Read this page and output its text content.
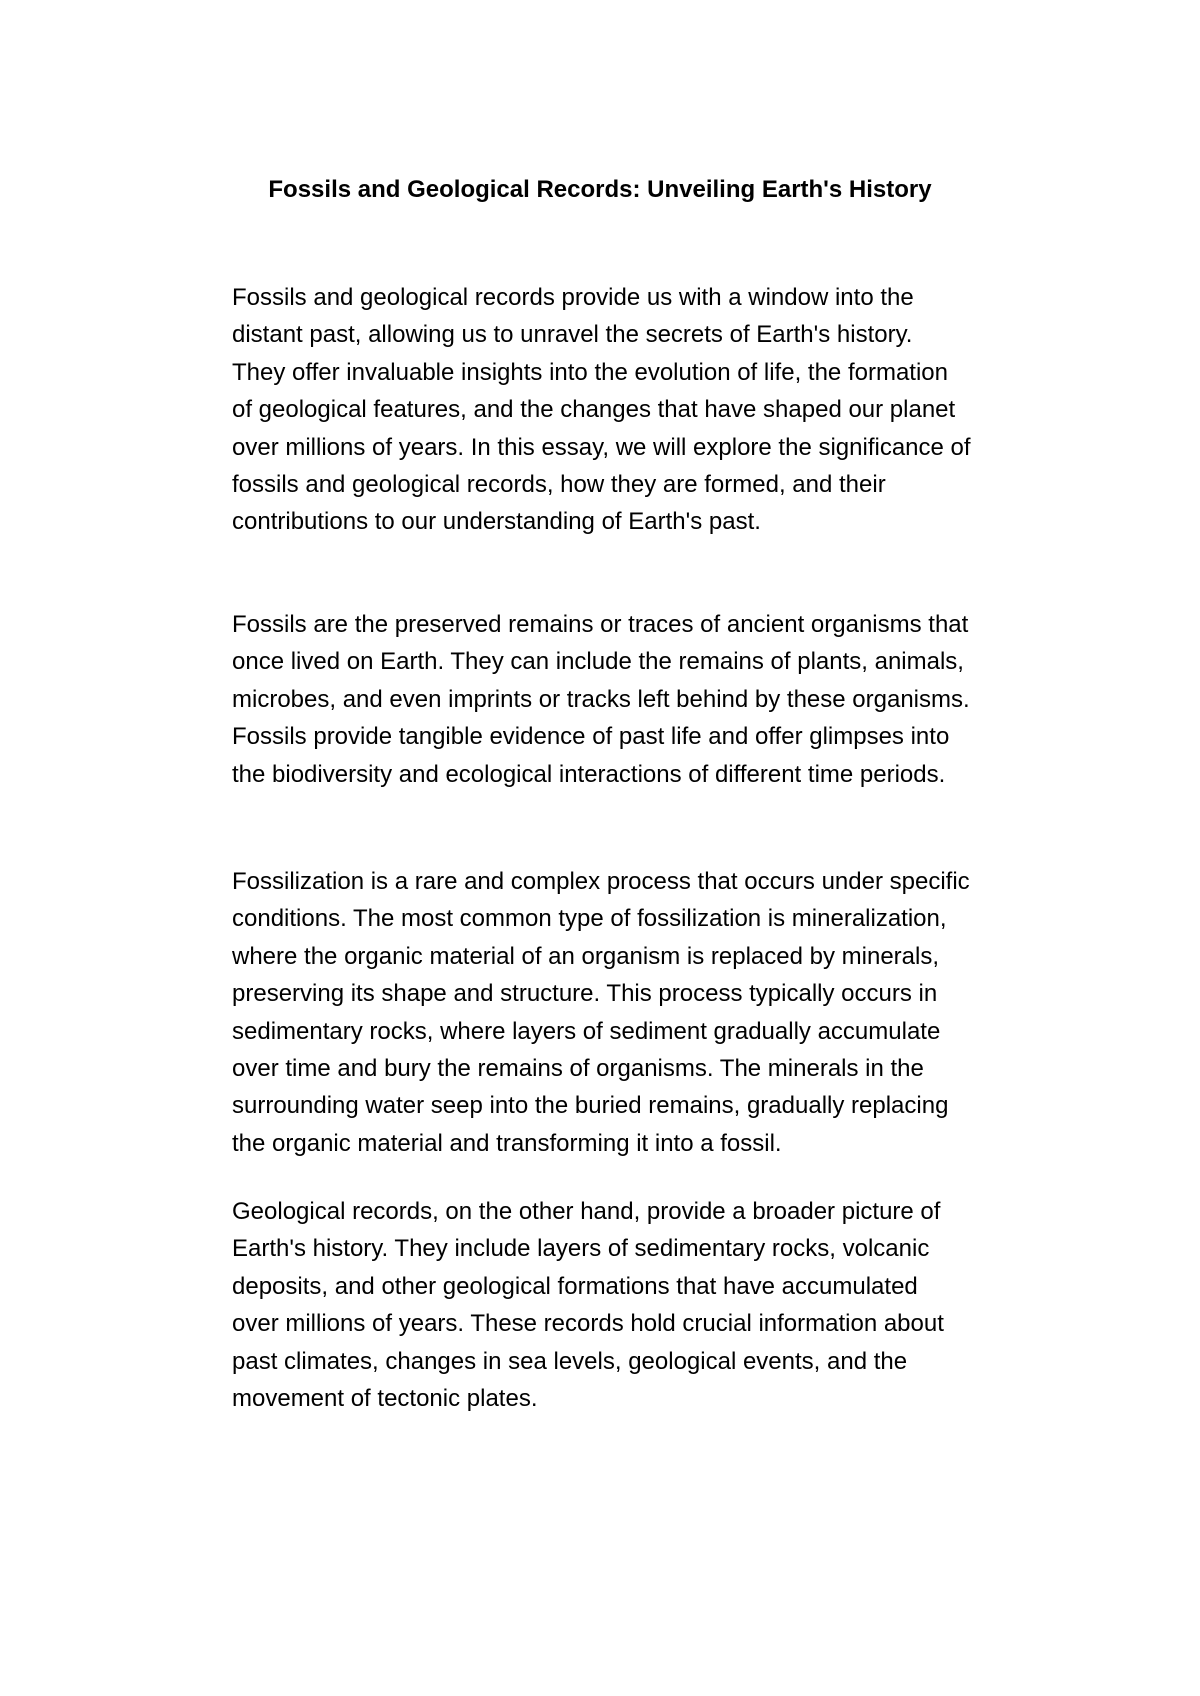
Fossils and Geological Records: Unveiling Earth's History

Fossils and geological records provide us with a window into the
distant past, allowing us to unravel the secrets of Earth's history.
They offer invaluable insights into the evolution of life, the formation
of geological features, and the changes that have shaped our planet
over millions of years. In this essay, we will explore the significance of
fossils and geological records, how they are formed, and their
contributions to our understanding of Earth's past.

Fossils are the preserved remains or traces of ancient organisms that
once lived on Earth. They can include the remains of plants, animals,
microbes, and even imprints or tracks left behind by these organisms.
Fossils provide tangible evidence of past life and offer glimpses into
the biodiversity and ecological interactions of different time periods.

Fossilization is a rare and complex process that occurs under specific
conditions. The most common type of fossilization is mineralization,
where the organic material of an organism is replaced by minerals,
preserving its shape and structure. This process typically occurs in
sedimentary rocks, where layers of sediment gradually accumulate
over time and bury the remains of organisms. The minerals in the
surrounding water seep into the buried remains, gradually replacing
the organic material and transforming it into a fossil.

Geological records, on the other hand, provide a broader picture of
Earth's history. They include layers of sedimentary rocks, volcanic
deposits, and other geological formations that have accumulated
over millions of years. These records hold crucial information about
past climates, changes in sea levels, geological events, and the
movement of tectonic plates.
